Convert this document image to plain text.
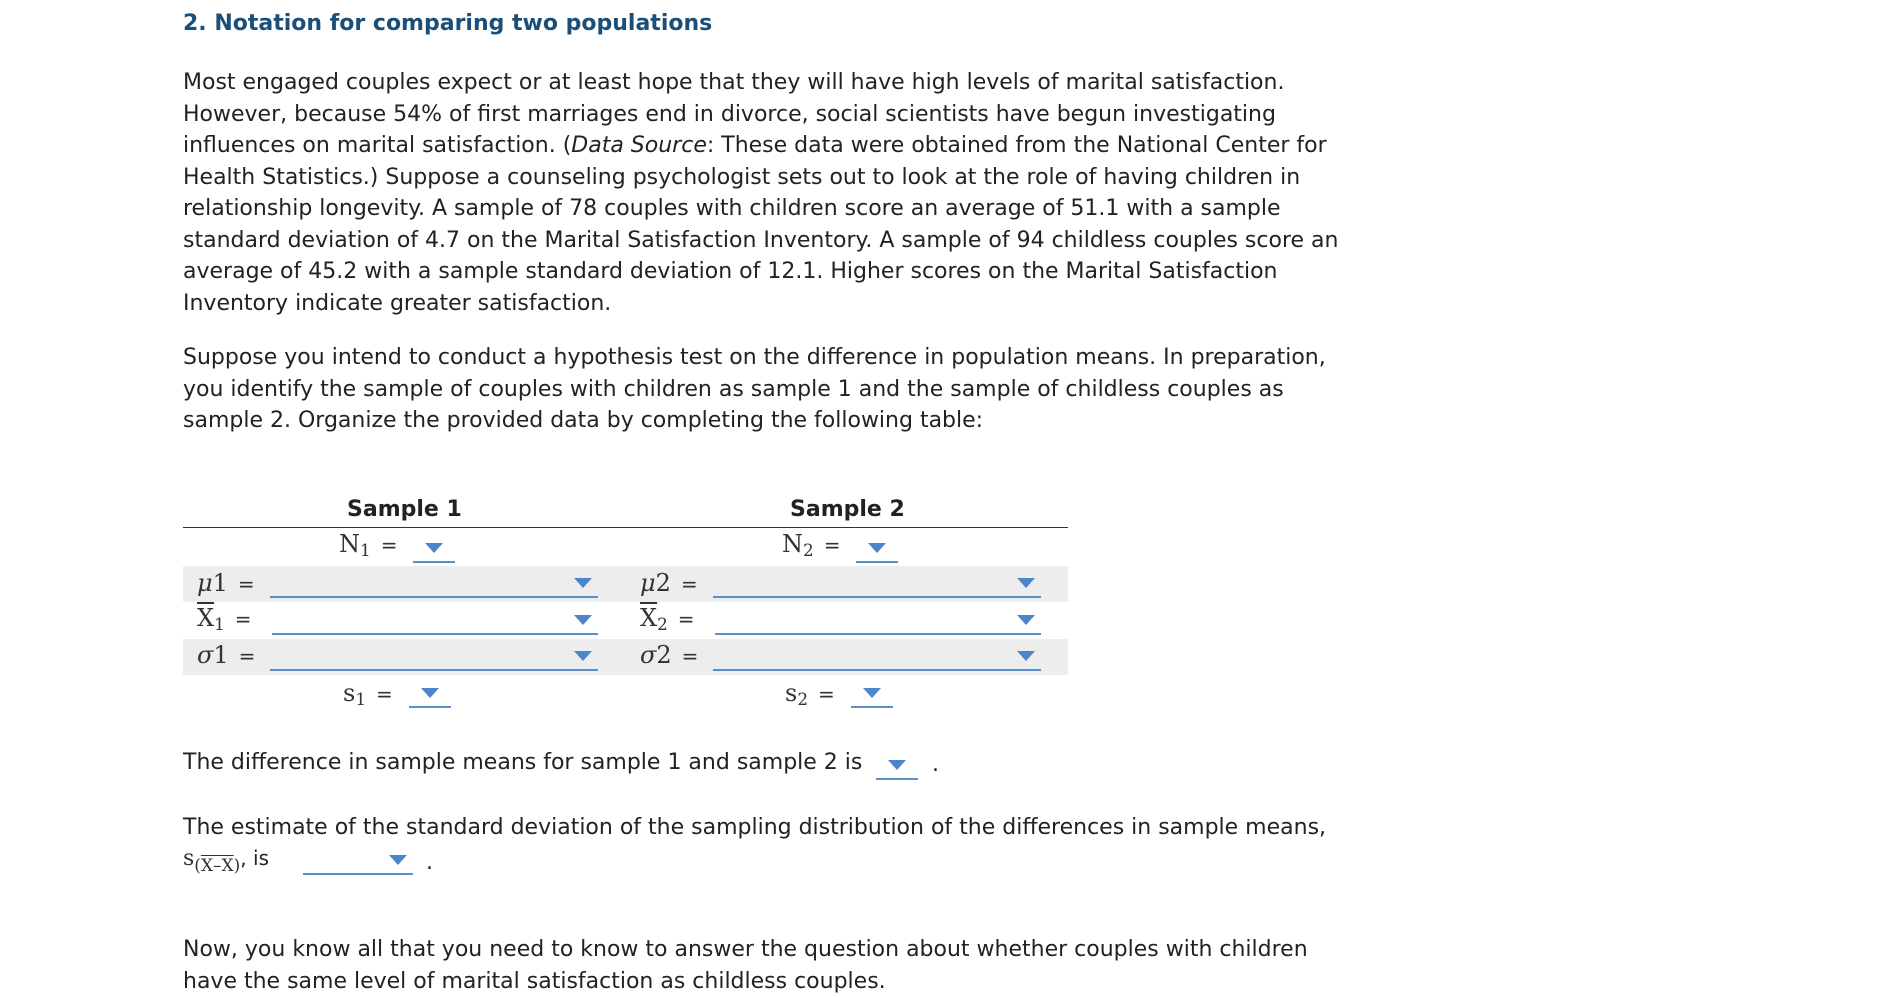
2. Notation for comparing two populations

Most engaged couples expect or at least hope that they will have high levels of marital satisfaction.
However, because 54% of first marriages end in divorce, social scientists have begun investigating
influences on marital satisfaction. (Data Source: These data were obtained from the National Center for
Health Statistics.) Suppose a counseling psychologist sets out to look at the role of having children in
relationship longevity. A sample of 78 couples with children score an average of 51.1 with a sample
standard deviation of 4.7 on the Marital Satisfaction Inventory. A sample of 94 childless couples score an
average of 45.2 with a sample standard deviation of 12.1. Higher scores on the Marital Satisfaction
Inventory indicate greater satisfaction.

Suppose you intend to conduct a hypothesis test on the difference in population means. In preparation,
you identify the sample of couples with children as sample 1 and the sample of childless couples as
sample 2. Organize the provided data by completing the following table:

Sample 1	Sample 2
$N_1$ =	$N_2$ =
μ1 =	μ2 =
$\overline{X}_1$ =	$\overline{X}_2$ =
σ1 =	σ2 =
$s_1$ =	$s_2$ =
The difference in sample means for sample 1 and sample 2 is	.
The estimate of the standard deviation of the sampling distribution of the differences in sample means,
$s_{(X-X)}$, is	.

Now, you know all that you need to know to answer the question about whether couples with children
have the same level of marital satisfaction as childless couples.
